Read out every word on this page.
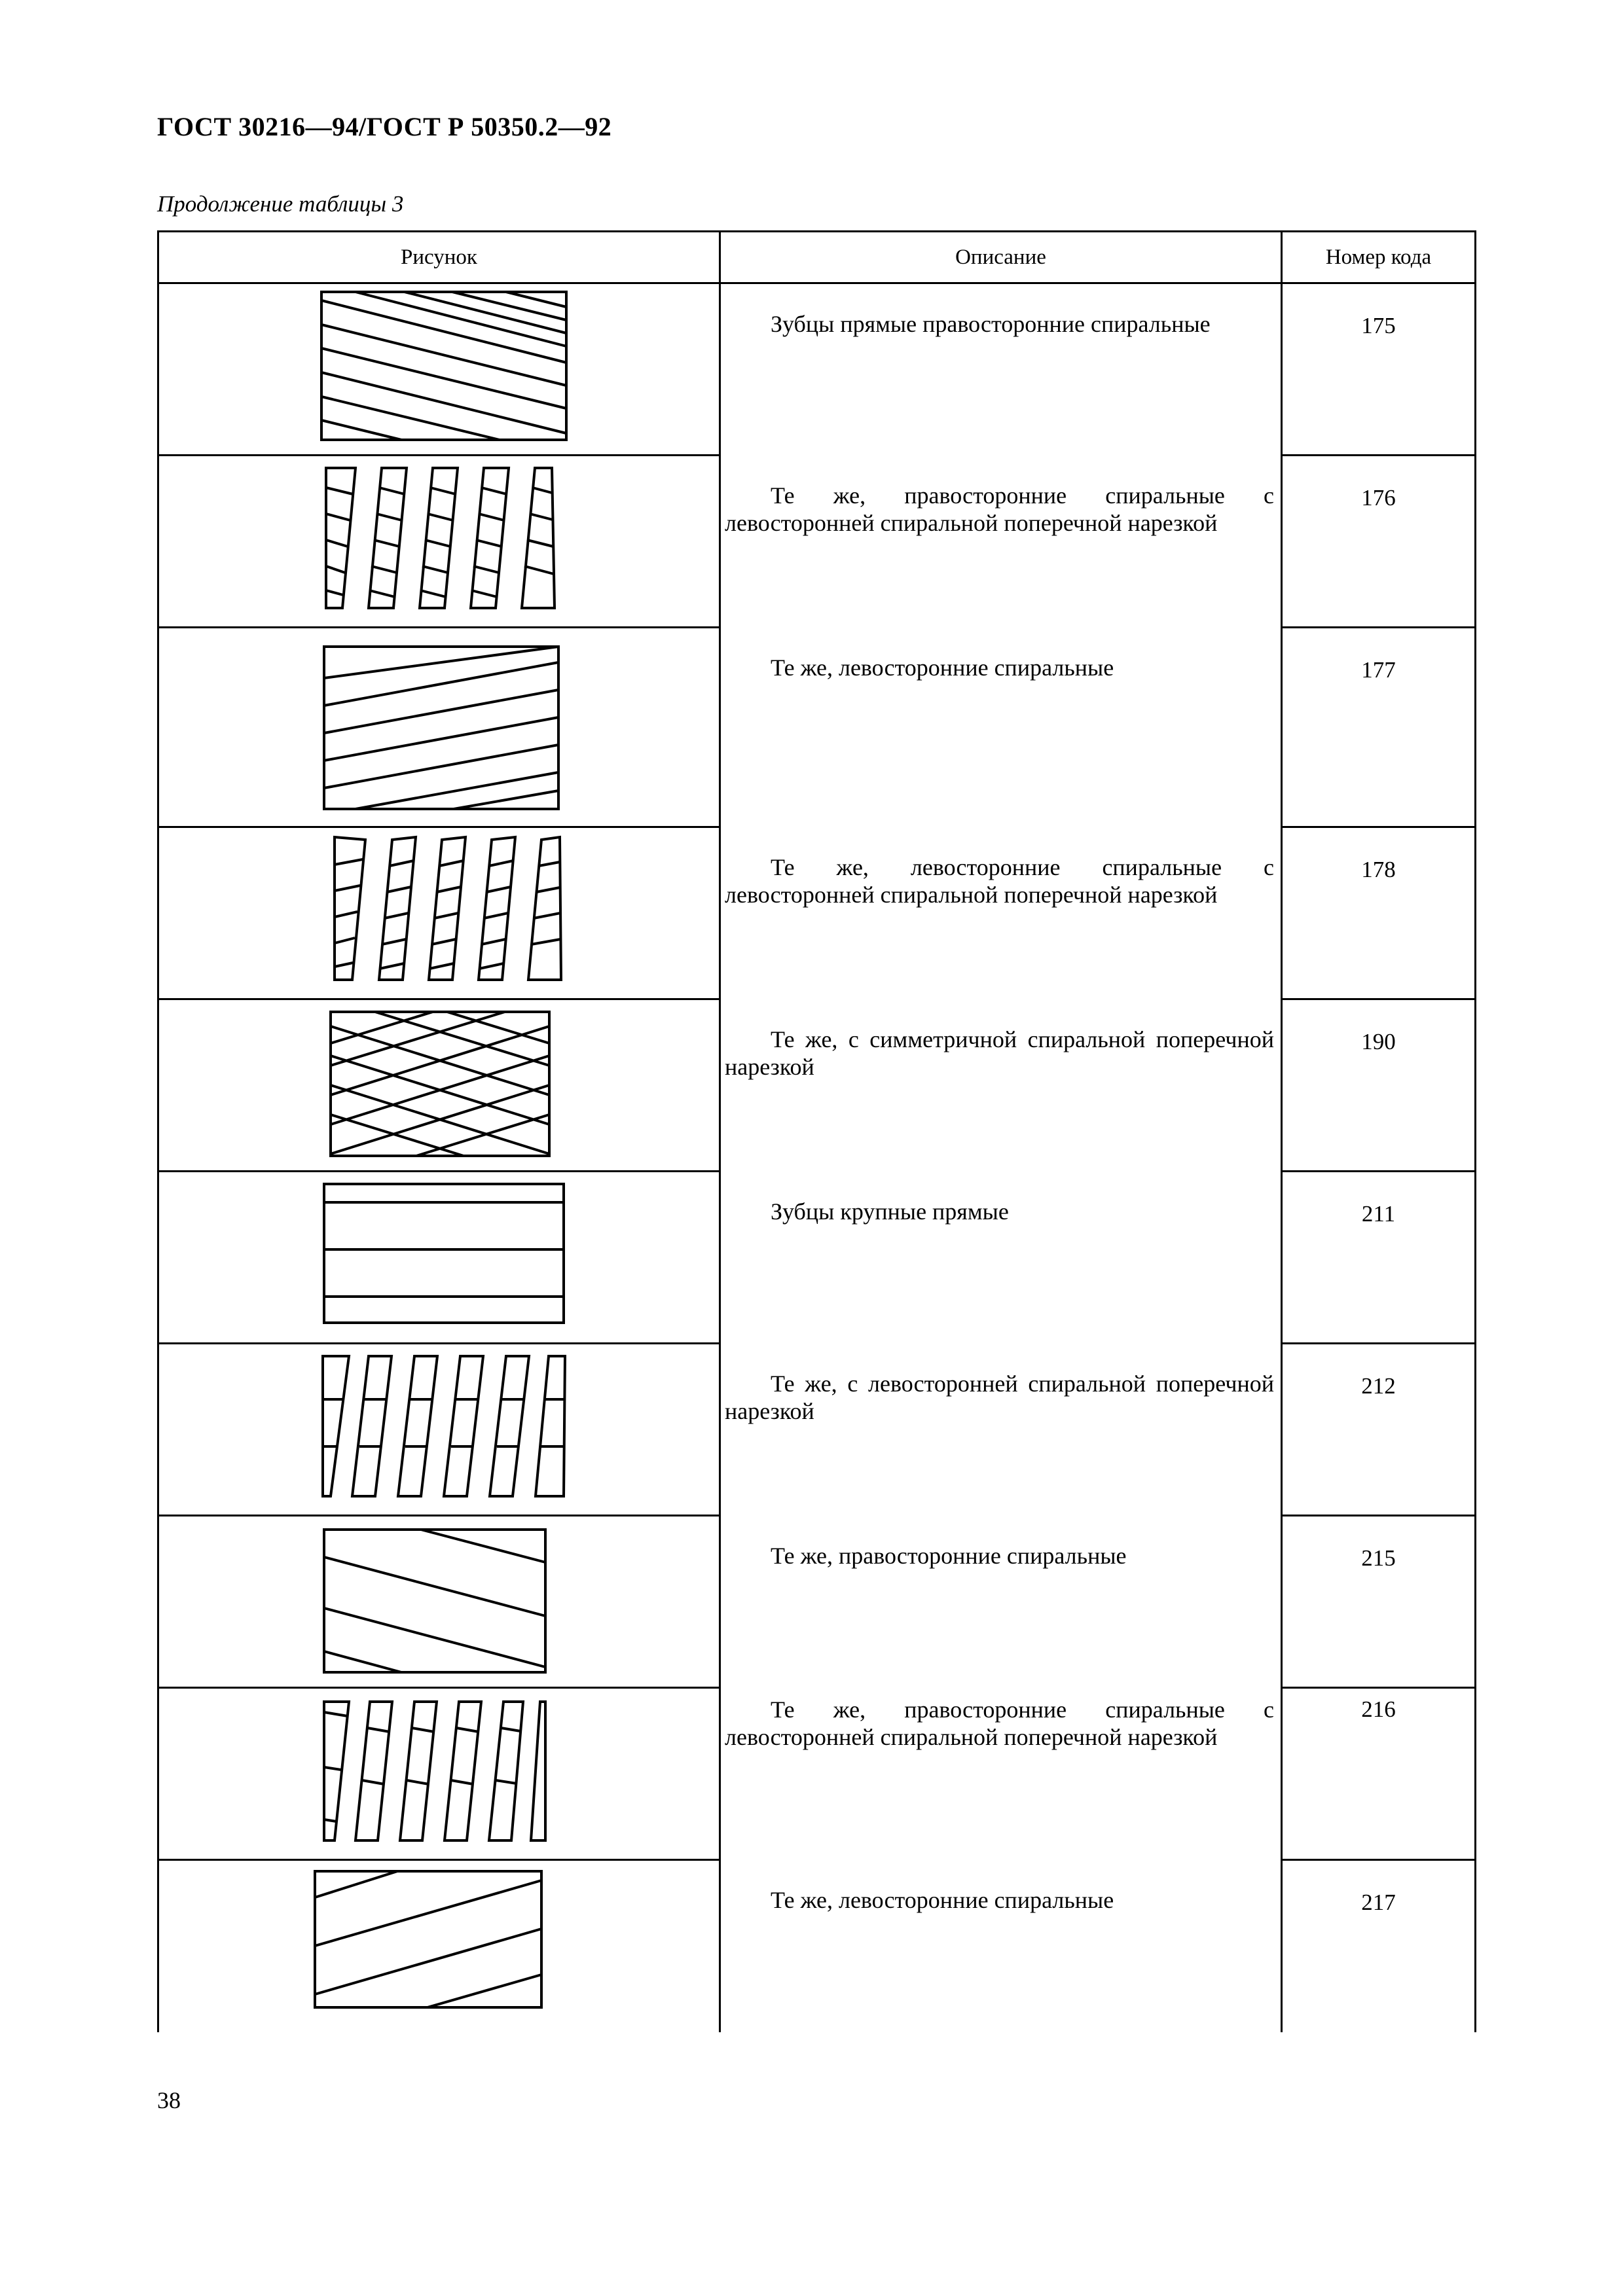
ГОСТ 30216—94/ГОСТ Р 50350.2—92
Продолжение таблицы 3
Рисунок	Описание	Номер кода

Зубцы прямые правосторонние спиральные	175

Те же, правосторонние спиральные с левосторонней спиральной поперечной нарезкой	176

Те же, левосторонние спиральные	177

Те же, левосторонние спиральные с левосторонней спиральной поперечной нарезкой	178

Те же, с симметричной спиральной поперечной нарезкой	190

Зубцы крупные прямые	211

Те же, с левосторонней спиральной поперечной нарезкой	212

Те же, правосторонние спиральные	215

Те же, правосторонние спиральные с левосторонней спиральной поперечной нарезкой	216

Те же, левосторонние спиральные	217
38
